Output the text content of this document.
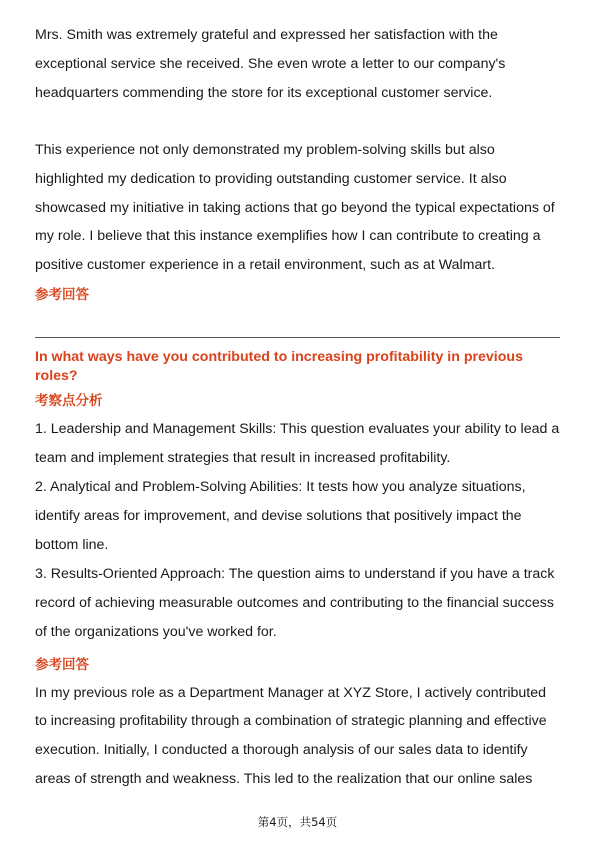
Mrs. Smith was extremely grateful and expressed her satisfaction with the exceptional service she received. She even wrote a letter to our company's headquarters commending the store for its exceptional customer service.

This experience not only demonstrated my problem-solving skills but also highlighted my dedication to providing outstanding customer service. It also showcased my initiative in taking actions that go beyond the typical expectations of my role. I believe that this instance exemplifies how I can contribute to creating a positive customer experience in a retail environment, such as at Walmart.

参考回答

In what ways have you contributed to increasing profitability in previous roles?

考察点分析

1. Leadership and Management Skills: This question evaluates your ability to lead a team and implement strategies that result in increased profitability.

2. Analytical and Problem-Solving Abilities: It tests how you analyze situations, identify areas for improvement, and devise solutions that positively impact the bottom line.

3. Results-Oriented Approach: The question aims to understand if you have a track record of achieving measurable outcomes and contributing to the financial success of the organizations you've worked for.

参考回答

In my previous role as a Department Manager at XYZ Store, I actively contributed to increasing profitability through a combination of strategic planning and effective execution. Initially, I conducted a thorough analysis of our sales data to identify areas of strength and weakness. This led to the realization that our online sales

第4页，共54页
